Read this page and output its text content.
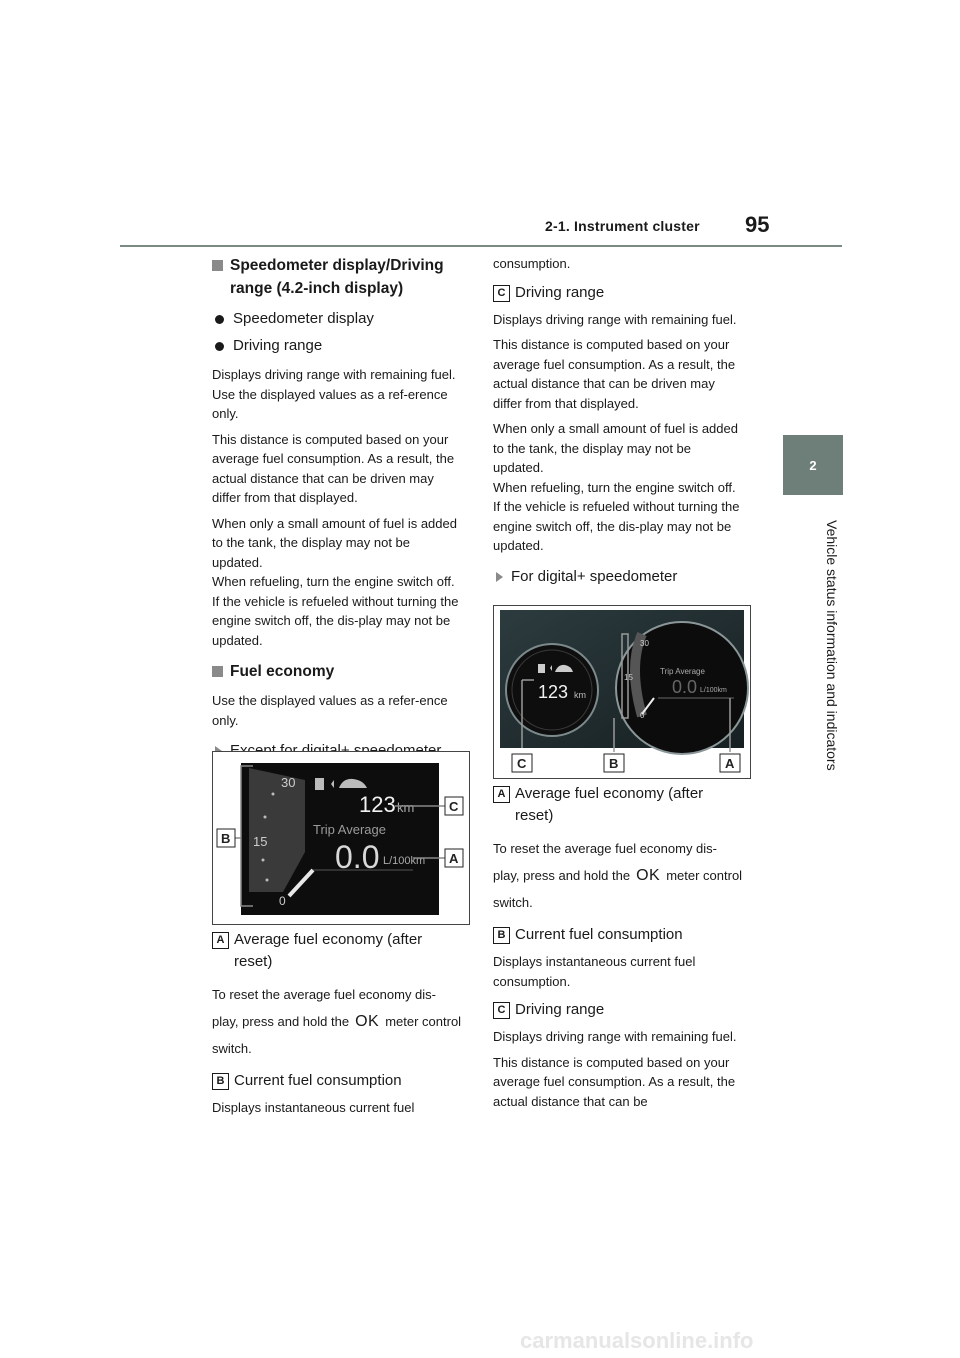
2-1. Instrument cluster 95
2
Vehicle status information and indicators
Speedometer display/Driving range (4.2-inch display)
Speedometer display
Driving range
Displays driving range with remaining fuel. Use the displayed values as a ref-erence only.
This distance is computed based on your average fuel consumption. As a result, the actual distance that can be driven may differ from that displayed.
When only a small amount of fuel is added to the tank, the display may not be updated.
When refueling, turn the engine switch off. If the vehicle is refueled without turning the engine switch off, the dis-play may not be updated.
Fuel economy
Use the displayed values as a refer-ence only.
30
15
0
123 km
Trip Average
0.0 L/100km
B
C
A
A Average fuel economy (after reset)
To reset the average fuel economy dis-play, press and hold the OK meter control switch.
B Current fuel consumption
Displays instantaneous current fuel
consumption.
C Driving range
Displays driving range with remaining fuel.
This distance is computed based on your average fuel consumption. As a result, the actual distance that can be driven may differ from that displayed.
When only a small amount of fuel is added to the tank, the display may not be updated.
When refueling, turn the engine switch off. If the vehicle is refueled without turning the engine switch off, the dis-play may not be updated.
For digital+ speedometer
123 km
30
15
0
Trip Average
0.0 L/100km
C	B	A
A Average fuel economy (after reset)
To reset the average fuel economy dis-play, press and hold the OK meter control switch.
B Current fuel consumption
Displays instantaneous current fuel consumption.
C Driving range
Displays driving range with remaining fuel.
This distance is computed based on your average fuel consumption. As a result, the actual distance that can be
carmanualsonline.info
